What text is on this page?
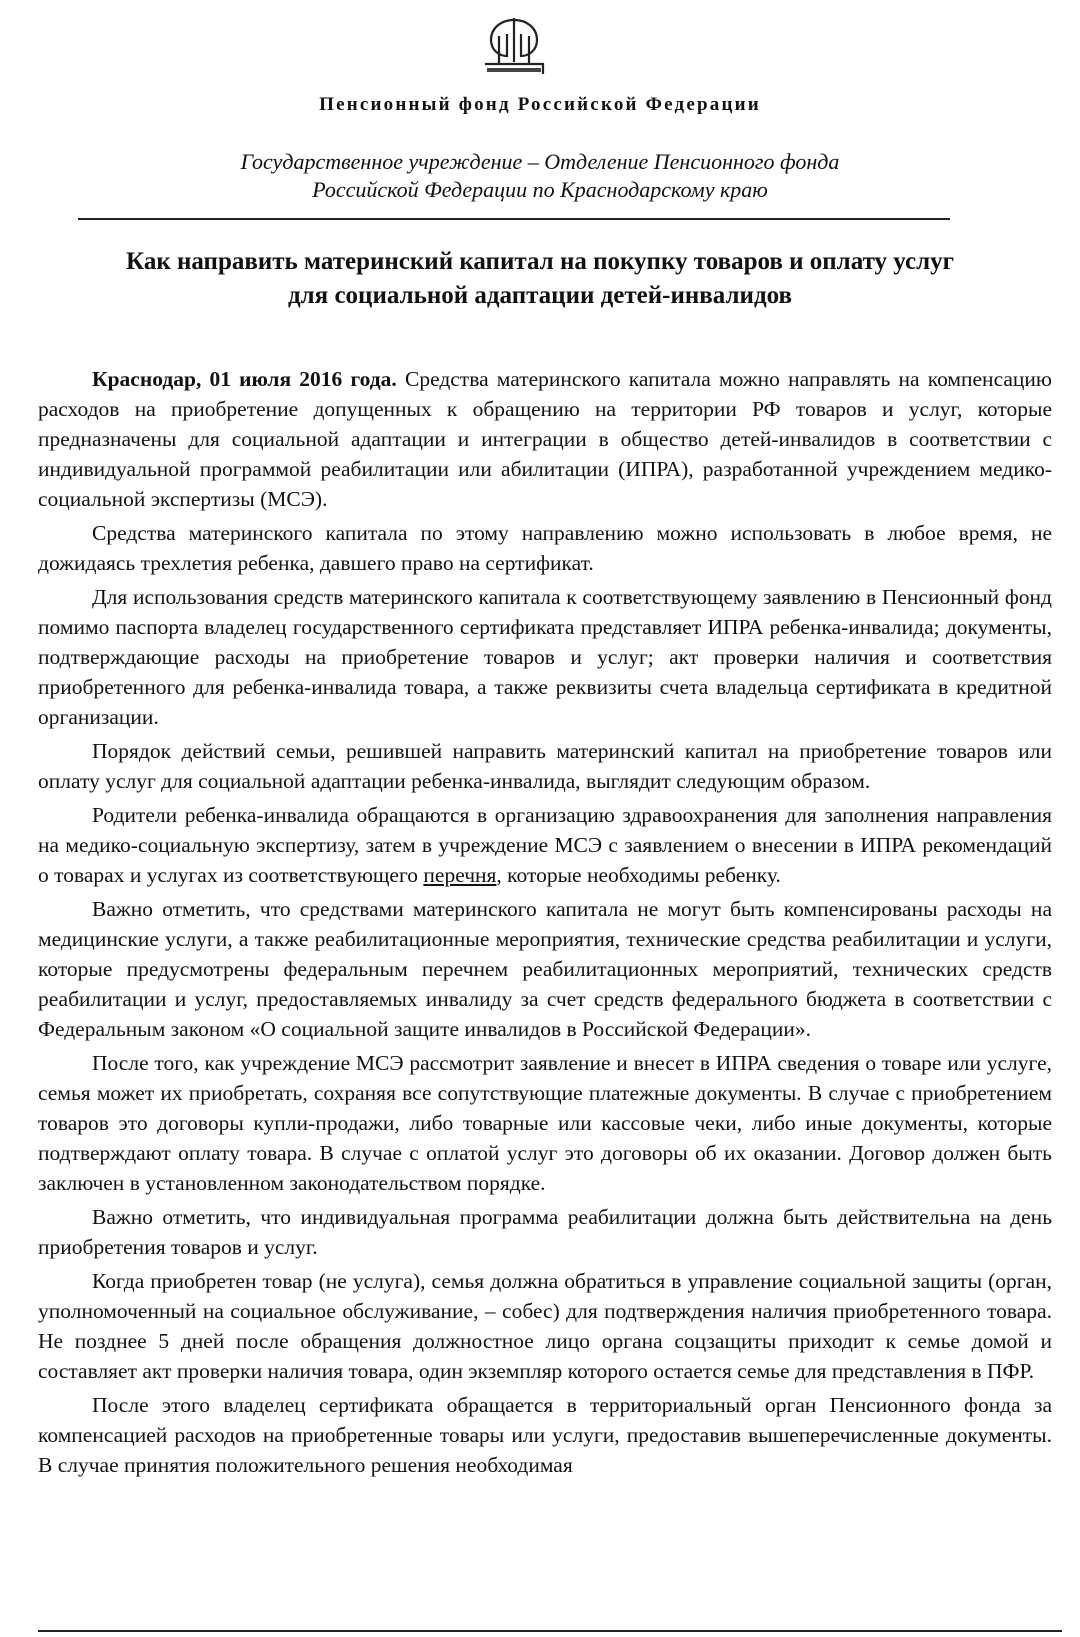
Пенсионный фонд Российской Федерации
Государственное учреждение – Отделение Пенсионного фонда
Российской Федерации по Краснодарскому краю
Как направить материнский капитал на покупку товаров и оплату услуг
для социальной адаптации детей-инвалидов

Краснодар, 01 июля 2016 года. Средства материнского капитала можно направлять на компенсацию расходов на приобретение допущенных к обращению на территории РФ товаров и услуг, которые предназначены для социальной адаптации и интеграции в общество детей-инвалидов в соответствии с индивидуальной программой реабилитации или абилитации (ИПРА), разработанной учреждением медико-социальной экспертизы (МСЭ).

Средства материнского капитала по этому направлению можно использовать в любое время, не дожидаясь трехлетия ребенка, давшего право на сертификат.

Для использования средств материнского капитала к соответствующему заявлению в Пенсионный фонд помимо паспорта владелец государственного сертификата представляет ИПРА ребенка-инвалида; документы, подтверждающие расходы на приобретение товаров и услуг; акт проверки наличия и соответствия приобретенного для ребенка-инвалида товара, а также реквизиты счета владельца сертификата в кредитной организации.

Порядок действий семьи, решившей направить материнский капитал на приобретение товаров или оплату услуг для социальной адаптации ребенка-инвалида, выглядит следующим образом.

Родители ребенка-инвалида обращаются в организацию здравоохранения для заполнения направления на медико-социальную экспертизу, затем в учреждение МСЭ с заявлением о внесении в ИПРА рекомендаций о товарах и услугах из соответствующего перечня, которые необходимы ребенку.

Важно отметить, что средствами материнского капитала не могут быть компенсированы расходы на медицинские услуги, а также реабилитационные мероприятия, технические средства реабилитации и услуги, которые предусмотрены федеральным перечнем реабилитационных мероприятий, технических средств реабилитации и услуг, предоставляемых инвалиду за счет средств федерального бюджета в соответствии с Федеральным законом «О социальной защите инвалидов в Российской Федерации».

После того, как учреждение МСЭ рассмотрит заявление и внесет в ИПРА сведения о товаре или услуге, семья может их приобретать, сохраняя все сопутствующие платежные документы. В случае с приобретением товаров это договоры купли-продажи, либо товарные или кассовые чеки, либо иные документы, которые подтверждают оплату товара. В случае с оплатой услуг это договоры об их оказании. Договор должен быть заключен в установленном законодательством порядке.

Важно отметить, что индивидуальная программа реабилитации должна быть действительна на день приобретения товаров и услуг.

Когда приобретен товар (не услуга), семья должна обратиться в управление социальной защиты (орган, уполномоченный на социальное обслуживание, – собес) для подтверждения наличия приобретенного товара. Не позднее 5 дней после обращения должностное лицо органа соцзащиты приходит к семье домой и составляет акт проверки наличия товара, один экземпляр которого остается семье для представления в ПФР.

После этого владелец сертификата обращается в территориальный орган Пенсионного фонда за компенсацией расходов на приобретенные товары или услуги, предоставив вышеперечисленные документы. В случае принятия положительного решения необходимая
